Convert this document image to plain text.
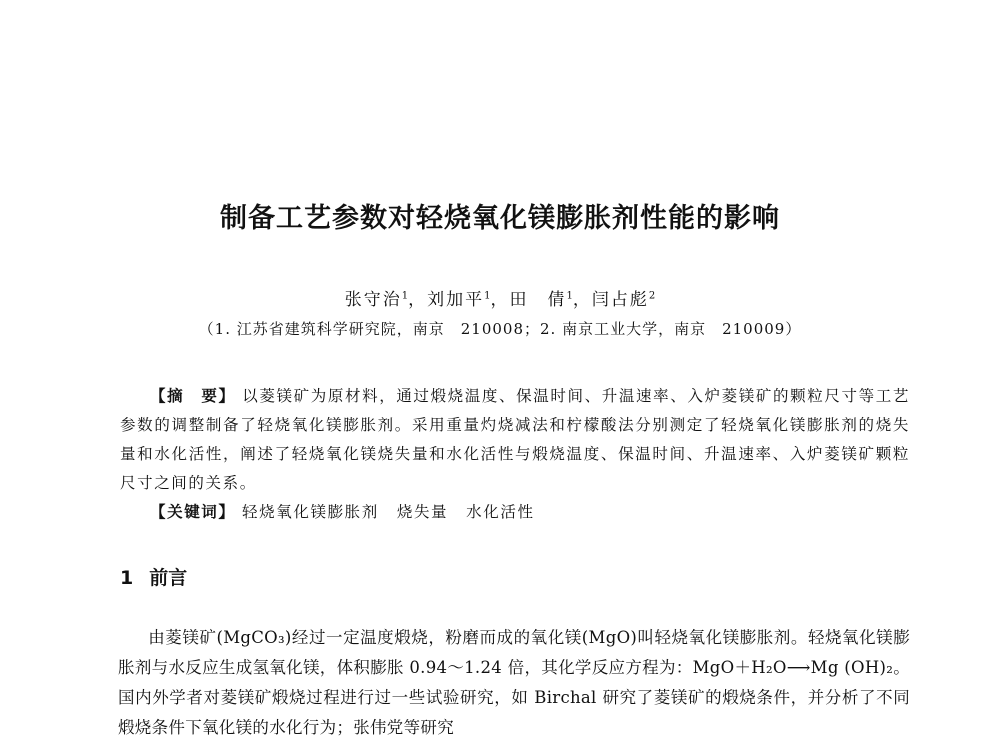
制备工艺参数对轻烧氧化镁膨胀剂性能的影响
张守治$^1$，刘加平$^1$，田　倩$^1$，闫占彪$^2$
（1. 江苏省建筑科学研究院，南京　210008；2. 南京工业大学，南京　210009）

【摘　要】 以菱镁矿为原材料，通过煅烧温度、保温时间、升温速率、入炉菱镁矿的颗粒尺寸等工艺参数的调整制备了轻烧氧化镁膨胀剂。采用重量灼烧减法和柠檬酸法分别测定了轻烧氧化镁膨胀剂的烧失量和水化活性，阐述了轻烧氧化镁烧失量和水化活性与煅烧温度、保温时间、升温速率、入炉菱镁矿颗粒尺寸之间的关系。

【关键词】 轻烧氧化镁膨胀剂 烧失量 水化活性

1 前言

由菱镁矿(MgCO₃)经过一定温度煅烧，粉磨而成的氧化镁(MgO)叫轻烧氧化镁膨胀剂。轻烧氧化镁膨胀剂与水反应生成氢氧化镁，体积膨胀 0.94～1.24 倍，其化学反应方程为：MgO＋H₂O⟶Mg (OH)₂。国内外学者对菱镁矿煅烧过程进行过一些试验研究，如 Birchal 研究了菱镁矿的煅烧条件，并分析了不同煅烧条件下氧化镁的水化行为；张伟党等研究
